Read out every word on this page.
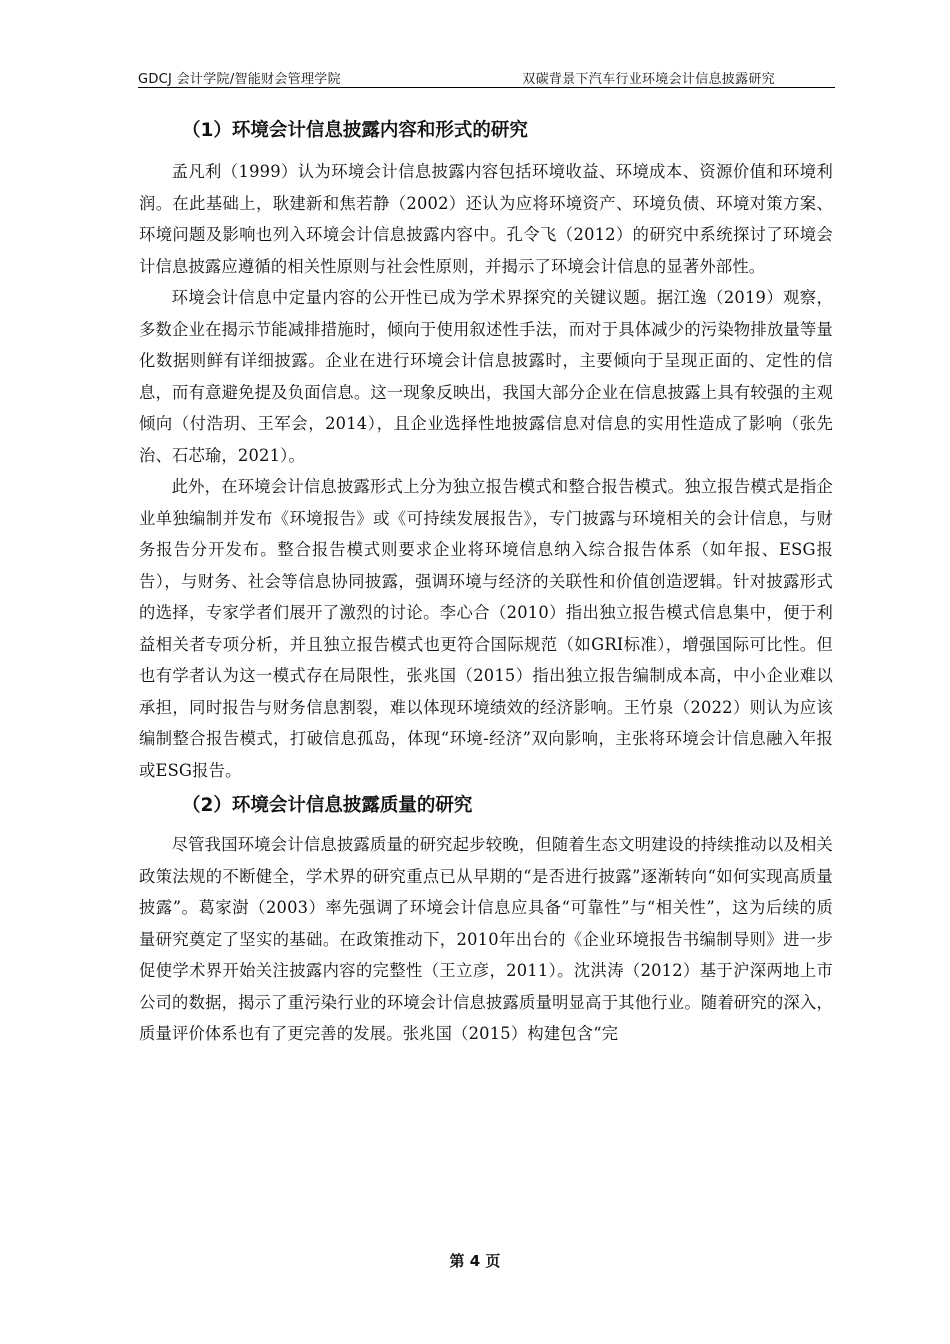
GDCJ 会计学院/智能财会管理学院	双碳背景下汽车行业环境会计信息披露研究
（1）环境会计信息披露内容和形式的研究

孟凡利（1999）认为环境会计信息披露内容包括环境收益、环境成本、资源价值和环境利润。在此基础上，耿建新和焦若静（2002）还认为应将环境资产、环境负债、环境对策方案、环境问题及影响也列入环境会计信息披露内容中。孔令飞（2012）的研究中系统探讨了环境会计信息披露应遵循的相关性原则与社会性原则，并揭示了环境会计信息的显著外部性。

环境会计信息中定量内容的公开性已成为学术界探究的关键议题。据江逸（2019）观察，多数企业在揭示节能减排措施时，倾向于使用叙述性手法，而对于具体减少的污染物排放量等量化数据则鲜有详细披露。企业在进行环境会计信息披露时，主要倾向于呈现正面的、定性的信息，而有意避免提及负面信息。这一现象反映出，我国大部分企业在信息披露上具有较强的主观倾向（付浩玥、王军会，2014），且企业选择性地披露信息对信息的实用性造成了影响（张先治、石芯瑜，2021）。

此外，在环境会计信息披露形式上分为独立报告模式和整合报告模式。独立报告模式是指企业单独编制并发布《环境报告》或《可持续发展报告》，专门披露与环境相关的会计信息，与财务报告分开发布。整合报告模式则要求企业将环境信息纳入综合报告体系（如年报、ESG报告），与财务、社会等信息协同披露，强调环境与经济的关联性和价值创造逻辑。针对披露形式的选择，专家学者们展开了激烈的讨论。李心合（2010）指出独立报告模式信息集中，便于利益相关者专项分析，并且独立报告模式也更符合国际规范（如GRI标准），增强国际可比性。但也有学者认为这一模式存在局限性，张兆国（2015）指出独立报告编制成本高，中小企业难以承担，同时报告与财务信息割裂，难以体现环境绩效的经济影响。王竹泉（2022）则认为应该编制整合报告模式，打破信息孤岛，体现“环境-经济”双向影响，主张将环境会计信息融入年报或ESG报告。

（2）环境会计信息披露质量的研究

尽管我国环境会计信息披露质量的研究起步较晚，但随着生态文明建设的持续推动以及相关政策法规的不断健全，学术界的研究重点已从早期的“是否进行披露”逐渐转向“如何实现高质量披露”。葛家澍（2003）率先强调了环境会计信息应具备“可靠性”与“相关性”，这为后续的质量研究奠定了坚实的基础。在政策推动下，2010年出台的《企业环境报告书编制导则》进一步促使学术界开始关注披露内容的完整性（王立彦，2011）。沈洪涛（2012）基于沪深两地上市公司的数据，揭示了重污染行业的环境会计信息披露质量明显高于其他行业。随着研究的深入，质量评价体系也有了更完善的发展。张兆国（2015）构建包含“完

第 4 页
